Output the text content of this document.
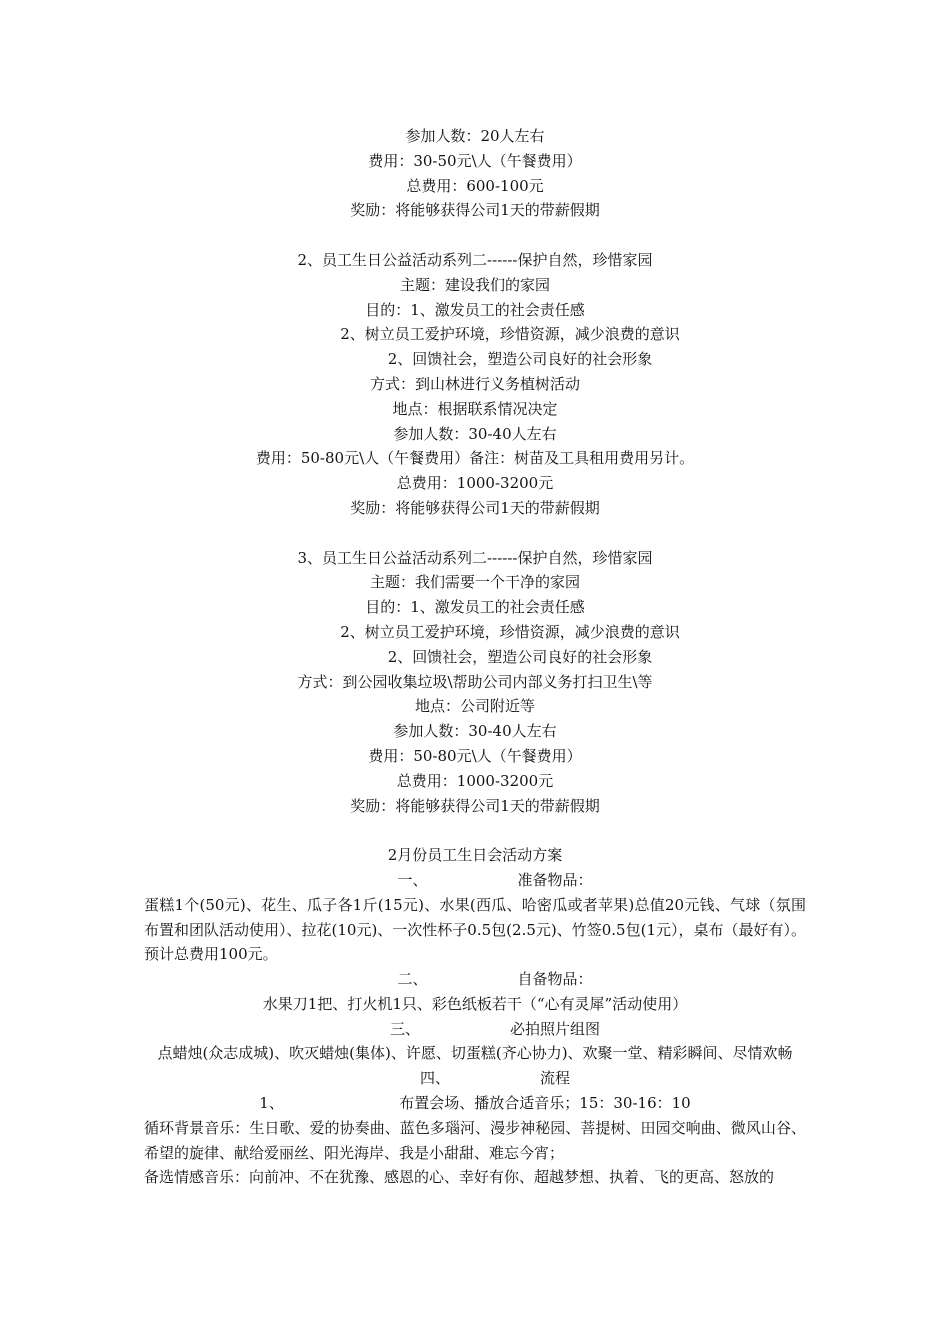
参加人数：20人左右
费用：30-50元\人（午餐费用）
总费用：600-100元
奖励：将能够获得公司1天的带薪假期
2、员工生日公益活动系列二------保护自然，珍惜家园
主题：建设我们的家园
目的：1、激发员工的社会责任感
2、树立员工爱护环境，珍惜资源，减少浪费的意识
2、回馈社会，塑造公司良好的社会形象
方式：到山林进行义务植树活动
地点：根据联系情况决定
参加人数：30-40人左右
费用：50-80元\人（午餐费用）备注：树苗及工具租用费用另计。
总费用：1000-3200元
奖励：将能够获得公司1天的带薪假期
3、员工生日公益活动系列二------保护自然，珍惜家园
主题：我们需要一个干净的家园
目的：1、激发员工的社会责任感
2、树立员工爱护环境，珍惜资源，减少浪费的意识
2、回馈社会，塑造公司良好的社会形象
方式：到公园收集垃圾\帮助公司内部义务打扫卫生\等
地点：公司附近等
参加人数：30-40人左右
费用：50-80元\人（午餐费用）
总费用：1000-3200元
奖励：将能够获得公司1天的带薪假期
2月份员工生日会活动方案
一、	准备物品：
蛋糕1个(50元)、花生、瓜子各1斤(15元)、水果(西瓜、哈密瓜或者苹果)总值20元钱、气球（氛围布置和团队活动使用）、拉花(10元)、一次性杯子0.5包(2.5元)、竹签0.5包(1元），桌布（最好有）。预计总费用100元。
二、	自备物品：
水果刀1把、打火机1只、彩色纸板若干（“心有灵犀”活动使用）
三、	必拍照片组图
点蜡烛(众志成城)、吹灭蜡烛(集体)、许愿、切蛋糕(齐心协力)、欢聚一堂、精彩瞬间、尽情欢畅
四、	流程
1、	布置会场、播放合适音乐；15：30-16：10
循环背景音乐：生日歌、爱的协奏曲、蓝色多瑙河、漫步神秘园、菩提树、田园交响曲、微风山谷、希望的旋律、献给爱丽丝、阳光海岸、我是小甜甜、难忘今宵；
备选情感音乐：向前冲、不在犹豫、感恩的心、幸好有你、超越梦想、执着、飞的更高、怒放的
